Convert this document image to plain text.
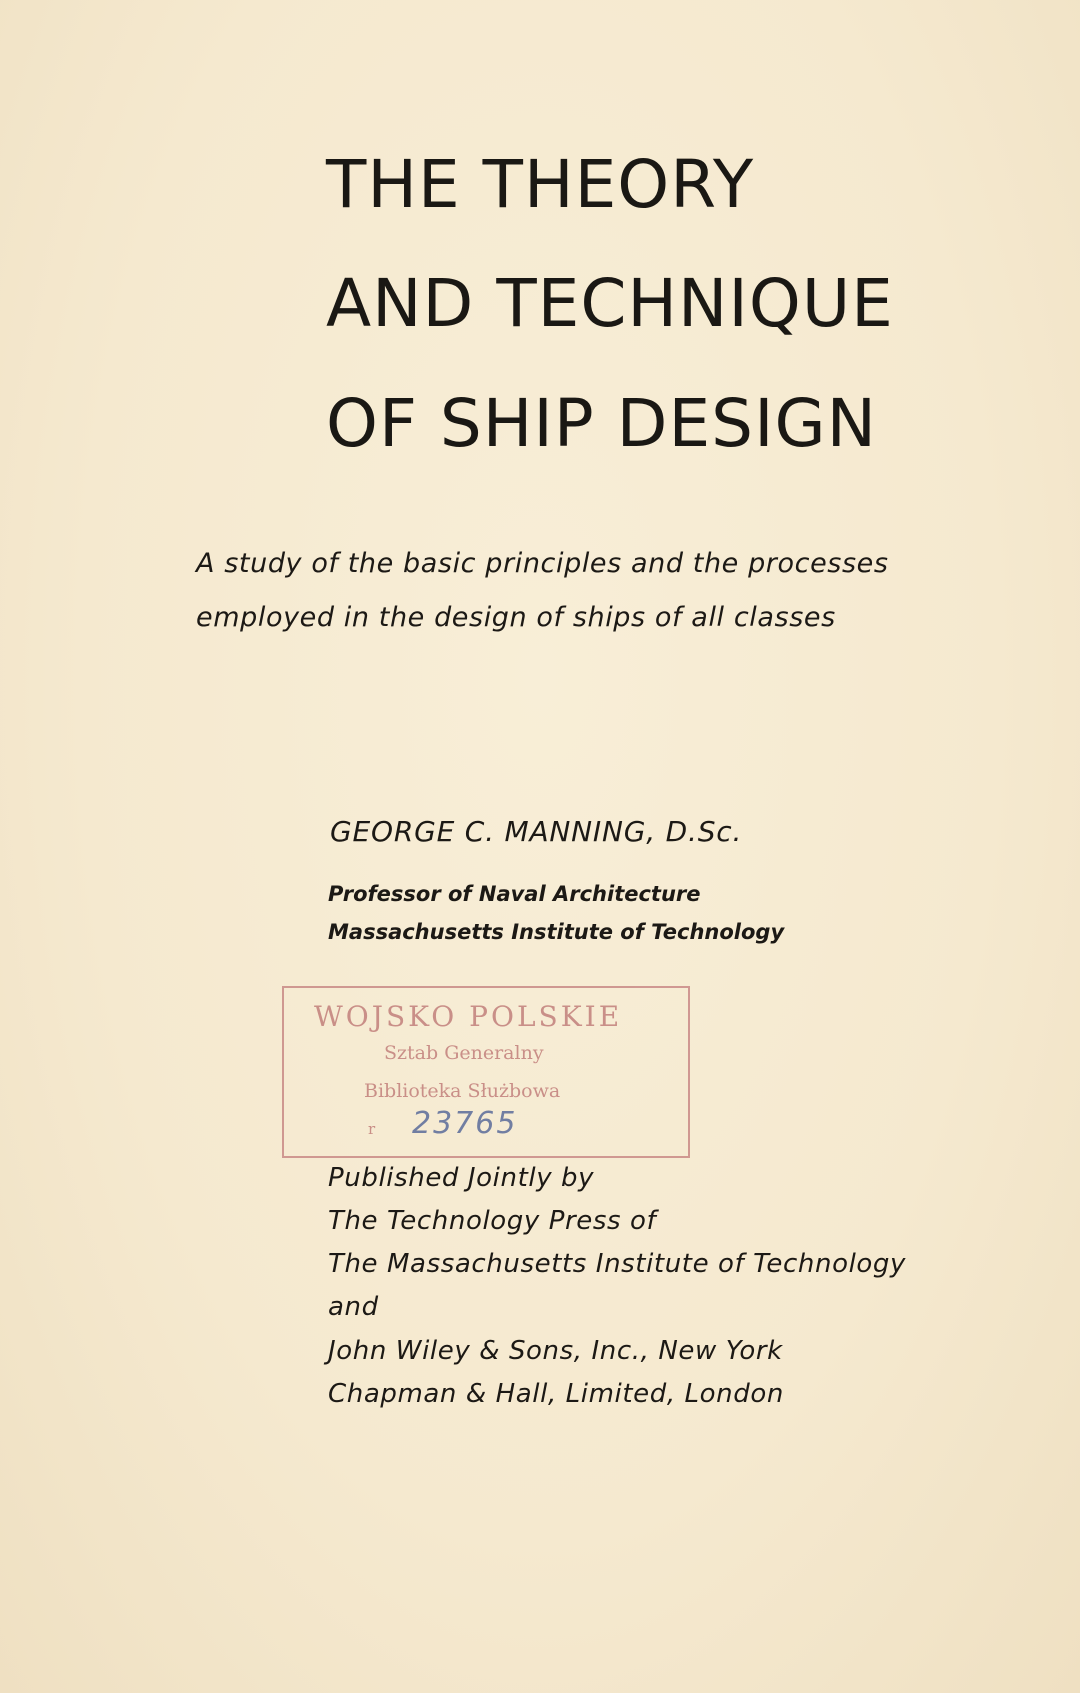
THE THEORY
AND TECHNIQUE
OF SHIP DESIGN
A study of the basic principles and the processes
employed in the design of ships of all classes
GEORGE C. MANNING, D.Sc.
Professor of Naval Architecture
Massachusetts Institute of Technology
WOJSKO POLSKIE
Sztab Generalny
Biblioteka Służbowa
r 23765
Published Jointly by
The Technology Press of
The Massachusetts Institute of Technology
and
John Wiley & Sons, Inc., New York
Chapman & Hall, Limited, London
